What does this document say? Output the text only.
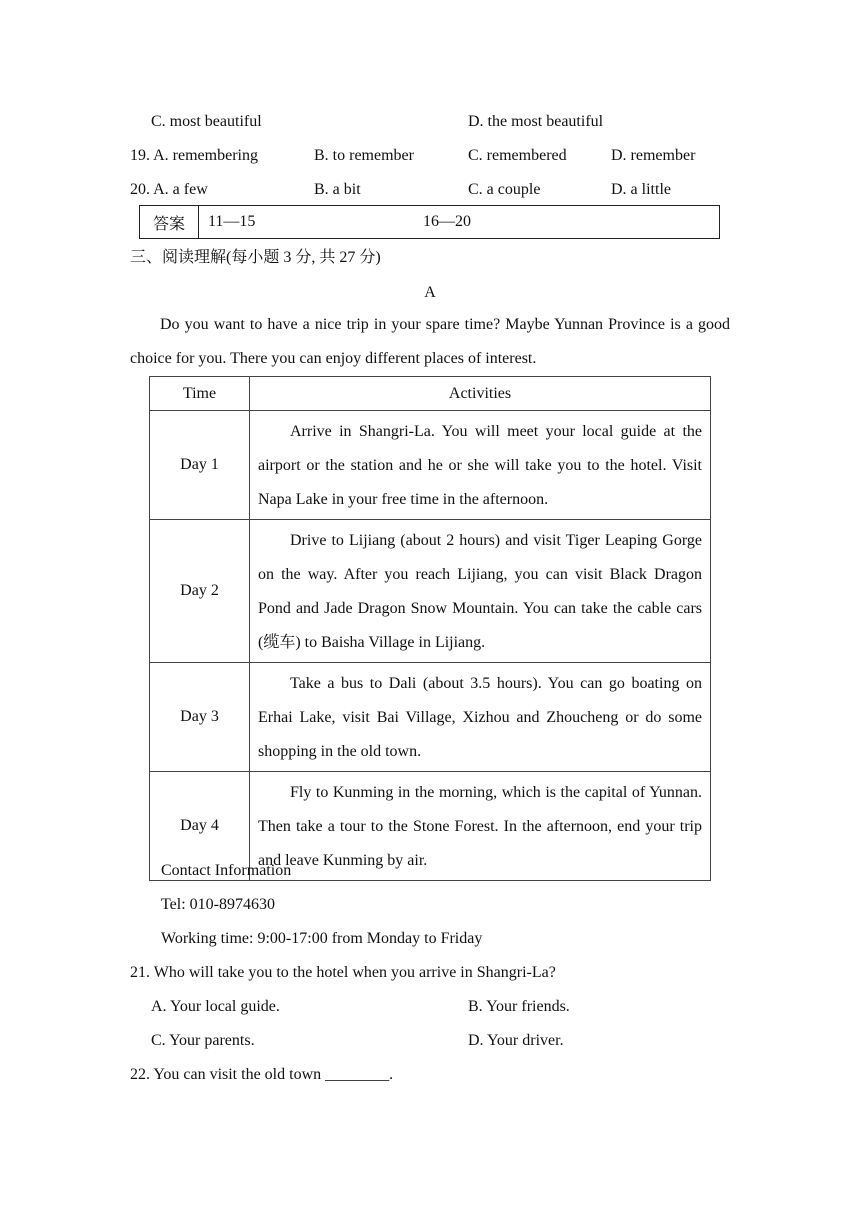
C. most beautiful	D. the most beautiful
19. A. remembering	B. to remember	C. remembered	D. remember
20. A. a few	B. a bit	C. a couple	D. a little
答案	11—15	16—20
三、阅读理解(每小题 3 分, 共 27 分)
A
Do you want to have a nice trip in your spare time? Maybe Yunnan Province is a good choice for you. There you can enjoy different places of interest.
Time	Activities
Day 1	Arrive in Shangri-La. You will meet your local guide at the airport or the station and he or she will take you to the hotel. Visit Napa Lake in your free time in the afternoon.
Day 2	Drive to Lijiang (about 2 hours) and visit Tiger Leaping Gorge on the way. After you reach Lijiang, you can visit Black Dragon Pond and Jade Dragon Snow Mountain. You can take the cable cars (缆车) to Baisha Village in Lijiang.
Day 3	Take a bus to Dali (about 3.5 hours). You can go boating on Erhai Lake, visit Bai Village, Xizhou and Zhoucheng or do some shopping in the old town.
Day 4	Fly to Kunming in the morning, which is the capital of Yunnan. Then take a tour to the Stone Forest. In the afternoon, end your trip and leave Kunming by air.
Contact Information
Tel: 010-8974630
Working time: 9:00-17:00 from Monday to Friday
21. Who will take you to the hotel when you arrive in Shangri-La?
A. Your local guide.	B. Your friends.
C. Your parents.	D. Your driver.
22. You can visit the old town ________.
